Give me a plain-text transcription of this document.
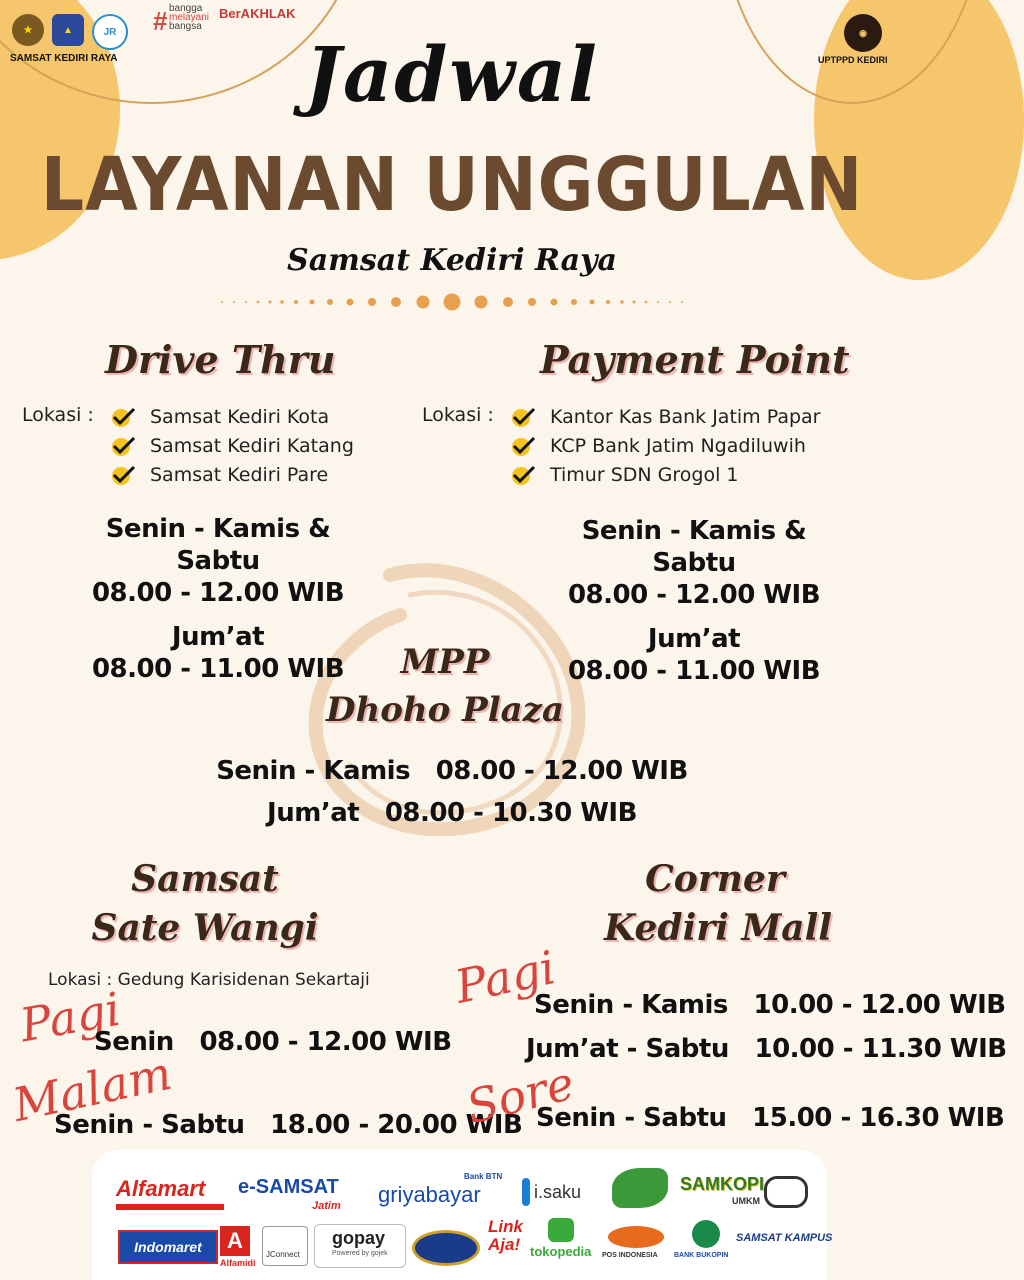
★	▲	JR
SAMSAT KEDIRI RAYA
# bangga
melayani
bangsa
BerAKHLAK
◉
UPTPPD KEDIRI
Jadwal
LAYANAN UNGGULAN
Samsat Kediri Raya
Drive Thru
Lokasi :	Samsat Kediri Kota
Samsat Kediri Katang
Samsat Kediri Pare
Senin - Kamis & Sabtu
08.00 - 12.00 WIB
Jum’at
08.00 - 11.00 WIB
Payment Point
Lokasi :	Kantor Kas Bank Jatim Papar
KCP Bank Jatim Ngadiluwih
Timur SDN Grogol 1
Senin - Kamis & Sabtu
08.00 - 12.00 WIB
Jum’at
08.00 - 11.00 WIB
MPP
Dhoho Plaza
Senin - Kamis   08.00 - 12.00 WIB
Jum’at   08.00 - 10.30 WIB
Samsat
Sate Wangi
Lokasi : Gedung Karisidenan Sekartaji
Pagi
Senin   08.00 - 12.00 WIB
Malam
Senin - Sabtu   18.00 - 20.00 WIB
Corner
Kediri Mall
Pagi
Senin - Kamis   10.00 - 12.00 WIB
Jum’at - Sabtu   10.00 - 11.30 WIB
Sore
Senin - Sabtu   15.00 - 16.30 WIB
Alfamart e-SAMSAT
Jatim
Bank BTN
griyabayar	i.saku	SAMKOPI
UMKM
Indomaret	A
Alfamidi
JConnect
gopay
Powered by gojek
Link Aja! tokopedia POS INDONESIA BANK BUKOPIN
SAMSAT KAMPUS
